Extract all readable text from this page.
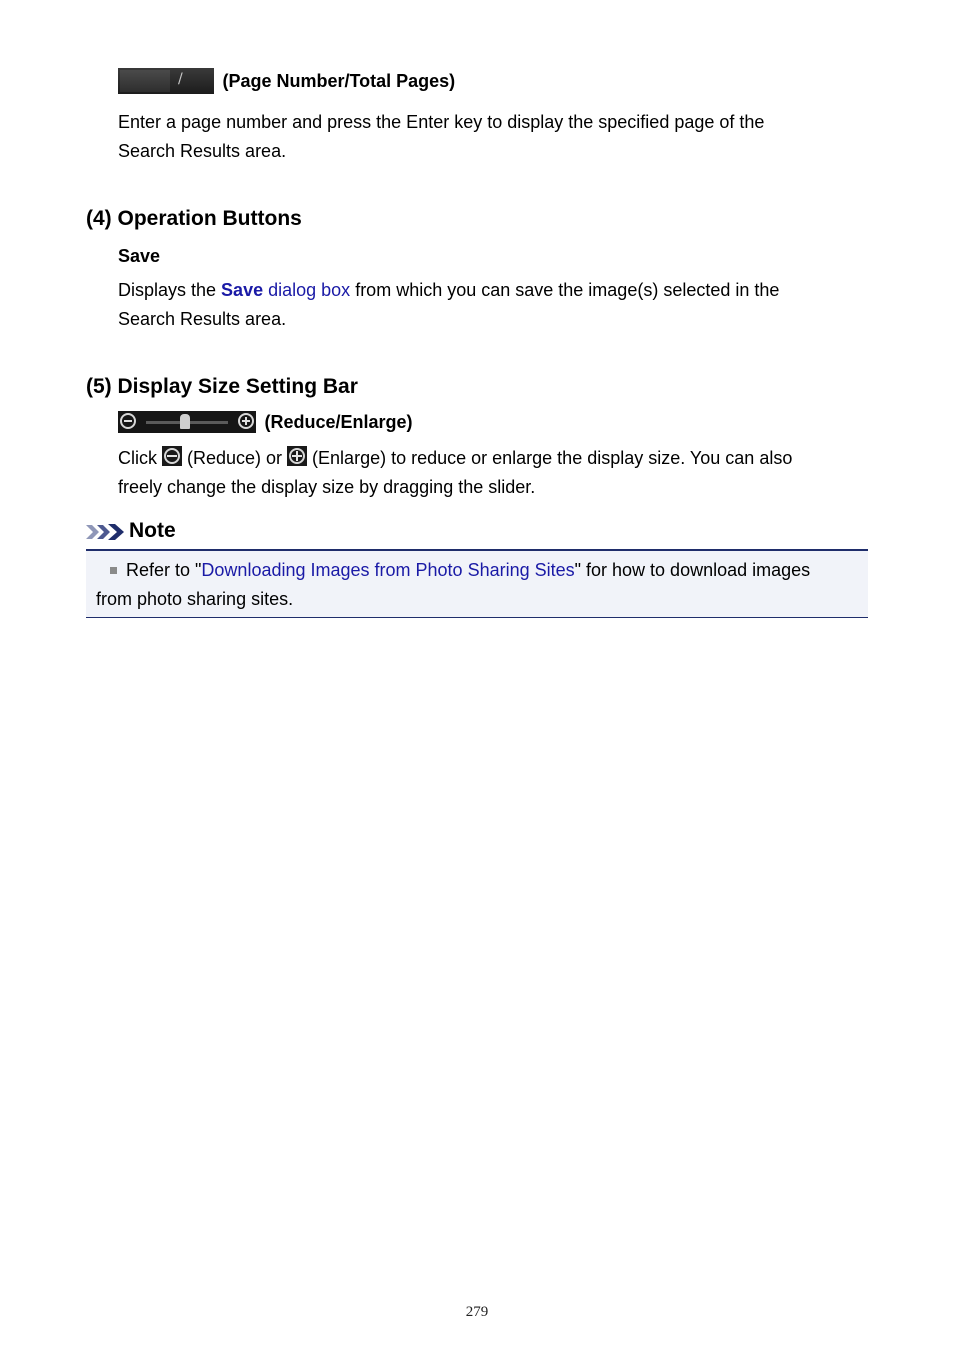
/ (Page Number/Total Pages)

Enter a page number and press the Enter key to display the specified page of the
Search Results area.

(4) Operation Buttons
Save

Displays the Save dialog box from which you can save the image(s) selected in the
Search Results area.

(5) Display Size Setting Bar
(Reduce/Enlarge)

Click
(Reduce) or
(Enlarge) to reduce or enlarge the display size. You can also
freely change the display size by dragging the slider.

Note

Refer to "Downloading Images from Photo Sharing Sites" for how to download images
from photo sharing sites.

279
